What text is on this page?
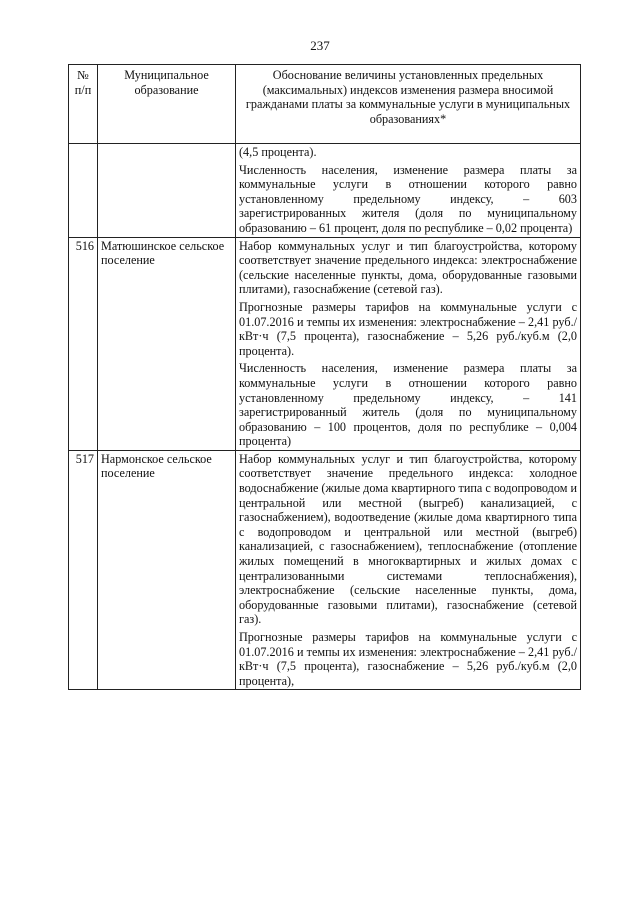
237
№ п/п	Муниципальное образование	Обоснование величины установленных предельных (максимальных) индексов изменения размера вносимой гражданами платы за коммунальные услуги в муниципальных образованиях*

		(4,5 процента).

Численность населения, изменение размера платы за коммунальные услуги в отношении которого равно установленному предельному индексу, – 603 зарегистрированных жителя (доля по муниципальному образованию – 61 процент, доля по республике – 0,02 процента)

516	Матюшинское сельское поселение	Набор коммунальных услуг и тип благоустройства, которому соответствует значение предельного индекса: электроснабжение (сельские населенные пункты, дома, оборудованные газовыми плитами), газоснабжение (сетевой газ).

Прогнозные размеры тарифов на коммунальные услуги с 01.07.2016 и темпы их изменения: электроснабжение – 2,41 руб./кВт·ч (7,5 процента), газоснабжение – 5,26 руб./куб.м (2,0 процента).

Численность населения, изменение размера платы за коммунальные услуги в отношении которого равно установленному предельному индексу, – 141 зарегистрированный житель (доля по муниципальному образованию – 100 процентов, доля по республике – 0,004 процента)

517	Нармонское сельское поселение	Набор коммунальных услуг и тип благоустройства, которому соответствует значение предельного индекса: холодное водоснабжение (жилые дома квартирного типа с водопроводом и центральной или местной (выгреб) канализацией, с газоснабжением), водоотведение (жилые дома квартирного типа с водопроводом и центральной или местной (выгреб) канализацией, с газоснабжением), теплоснабжение (отопление жилых помещений в многоквартирных и жилых домах с централизованными системами теплоснабжения), электроснабжение (сельские населенные пункты, дома, оборудованные газовыми плитами), газоснабжение (сетевой газ).

Прогнозные размеры тарифов на коммунальные услуги с 01.07.2016 и темпы их изменения: электроснабжение – 2,41 руб./кВт·ч (7,5 процента), газоснабжение – 5,26 руб./куб.м (2,0 процента),
